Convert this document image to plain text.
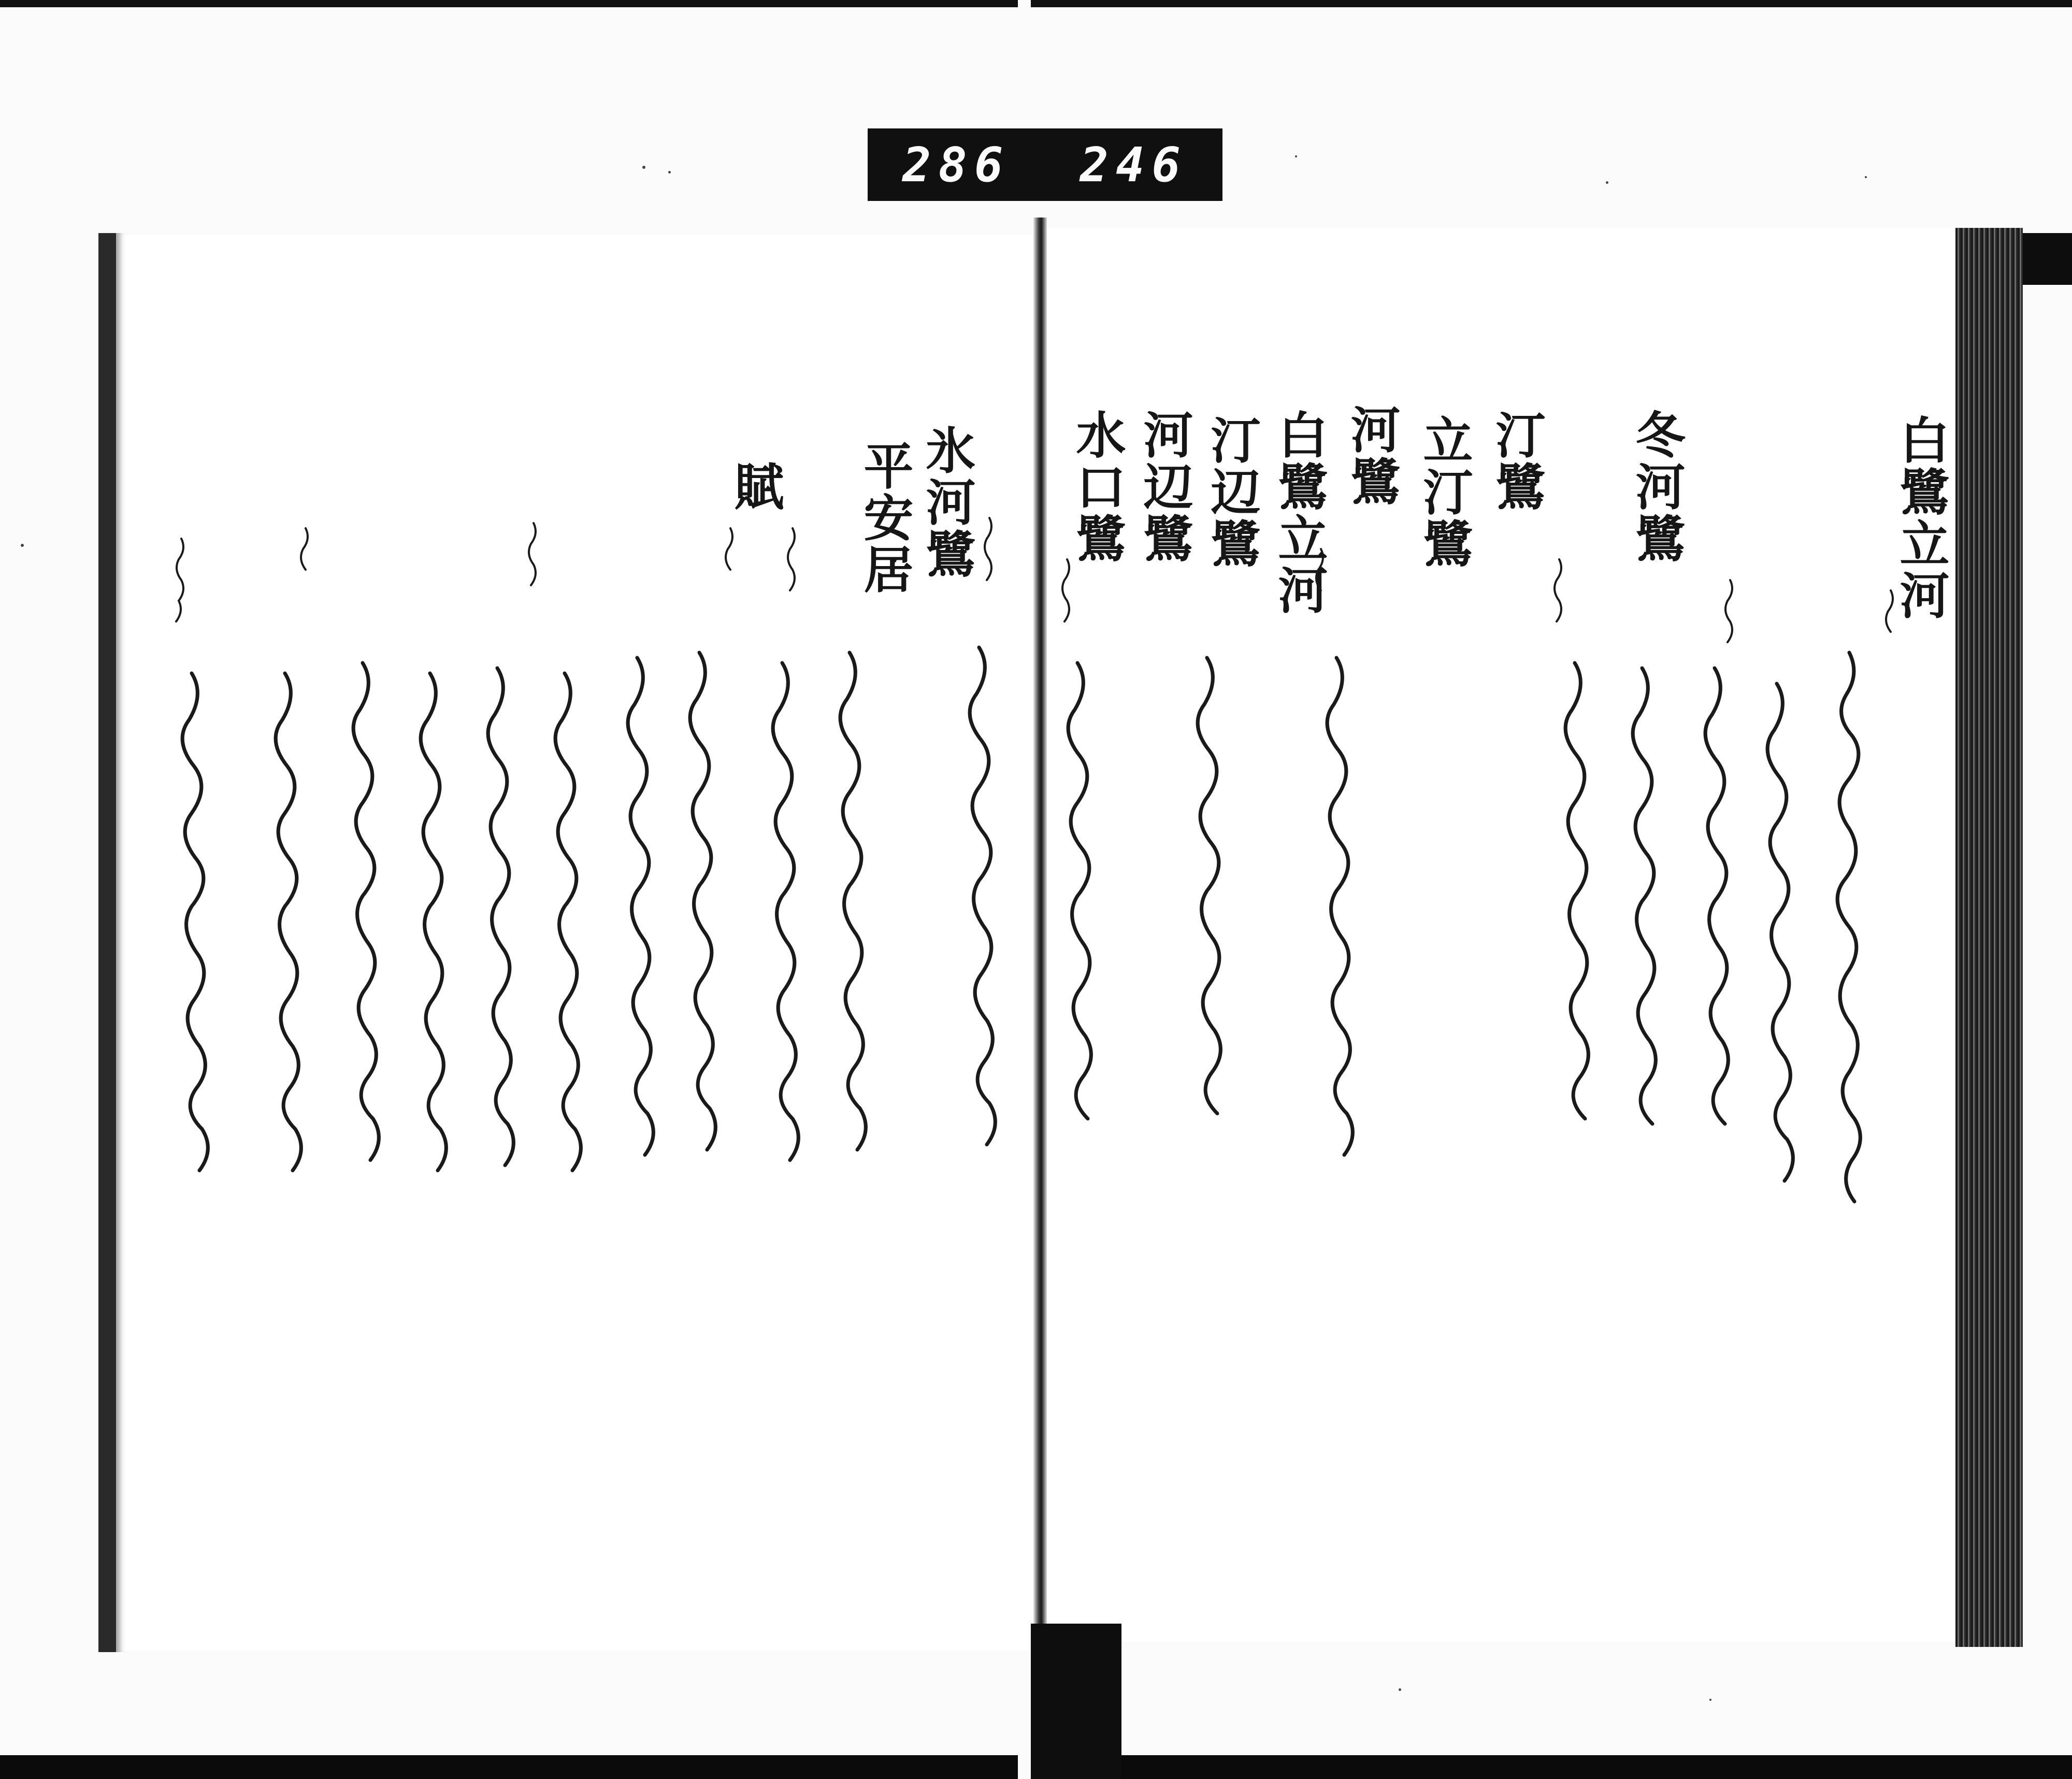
286 246
白鷺立河
冬河鷺
汀鷺
立汀鷺
河鷺
白鷺立河
汀辺鷺
河辺鷺
水口鷺
氷河鷺
平安居
賦
